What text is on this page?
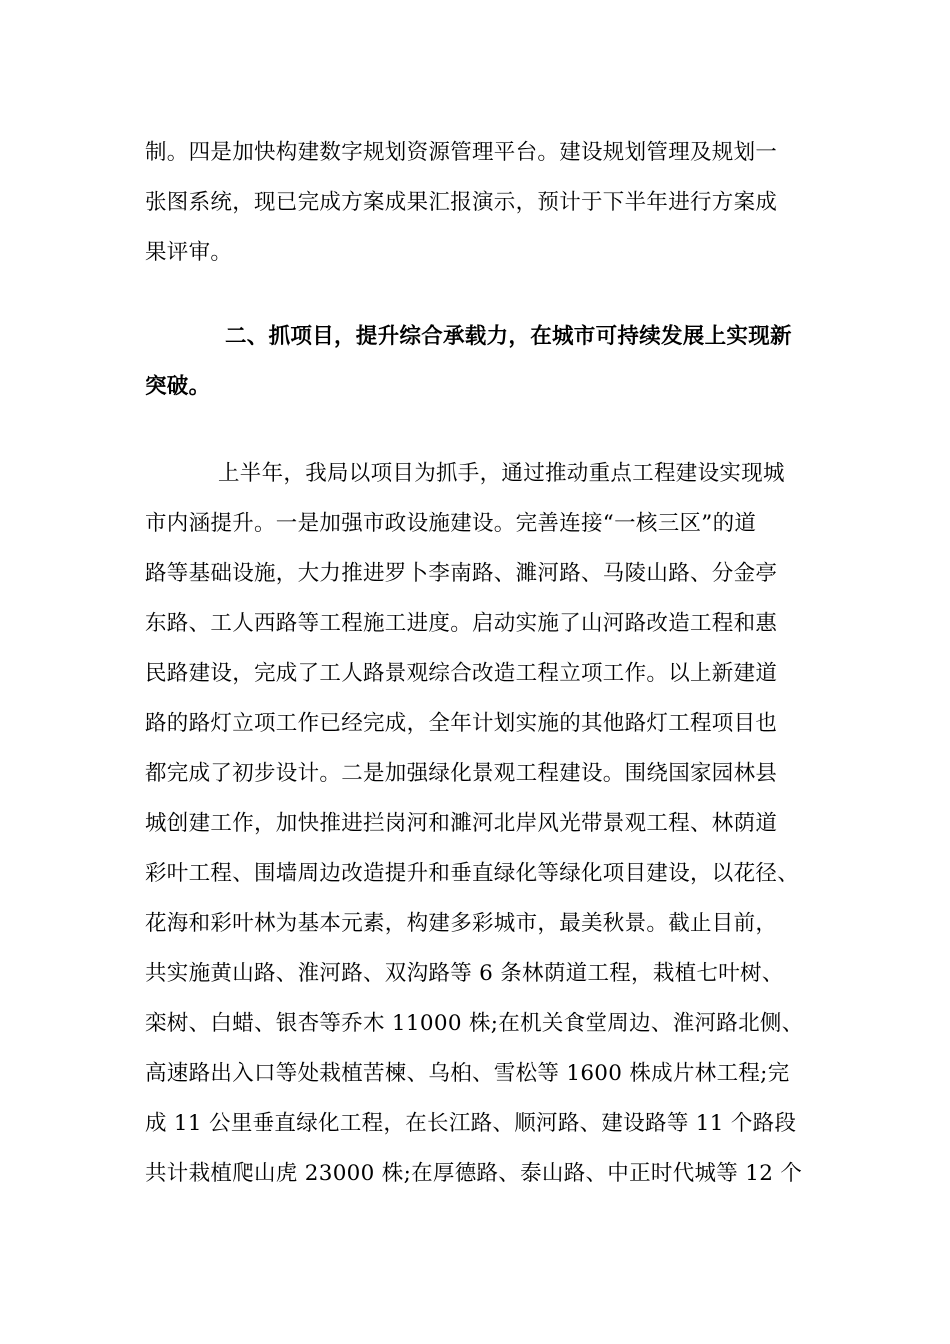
制。四是加快构建数字规划资源管理平台。建设规划管理及规划一
张图系统，现已完成方案成果汇报演示，预计于下半年进行方案成
果评审。
二、抓项目，提升综合承载力，在城市可持续发展上实现新
突破。
上半年，我局以项目为抓手，通过推动重点工程建设实现城
市内涵提升。一是加强市政设施建设。完善连接“一核三区”的道
路等基础设施，大力推进罗卜李南路、濉河路、马陵山路、分金亭
东路、工人西路等工程施工进度。启动实施了山河路改造工程和惠
民路建设，完成了工人路景观综合改造工程立项工作。以上新建道
路的路灯立项工作已经完成，全年计划实施的其他路灯工程项目也
都完成了初步设计。二是加强绿化景观工程建设。围绕国家园林县
城创建工作，加快推进拦岗河和濉河北岸风光带景观工程、林荫道
彩叶工程、围墙周边改造提升和垂直绿化等绿化项目建设，以花径、
花海和彩叶林为基本元素，构建多彩城市，最美秋景。截止目前，
共实施黄山路、淮河路、双沟路等 6 条林荫道工程，栽植七叶树、
栾树、白蜡、银杏等乔木 11000 株;在机关食堂周边、淮河路北侧、
高速路出入口等处栽植苦楝、乌桕、雪松等 1600 株成片林工程;完
成 11 公里垂直绿化工程，在长江路、顺河路、建设路等 11 个路段
共计栽植爬山虎 23000 株;在厚德路、泰山路、中正时代城等 12 个
